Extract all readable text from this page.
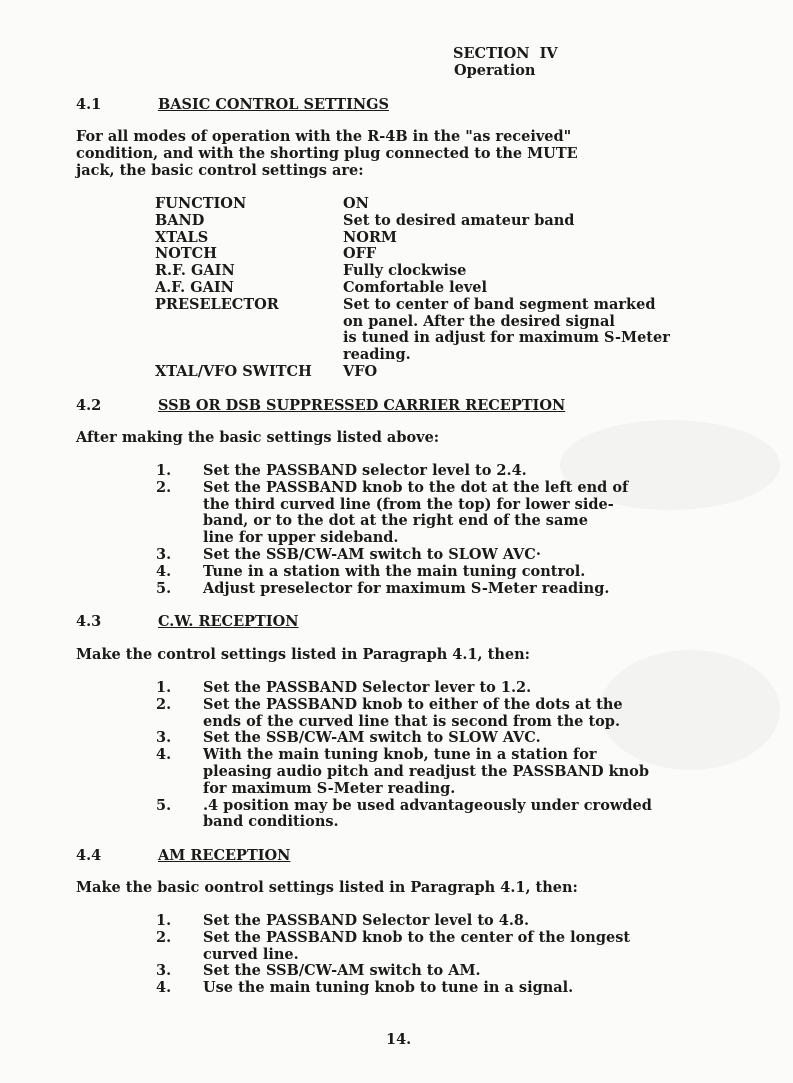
SECTION  IV
Operation
4.1	BASIC CONTROL SETTINGS
For all modes of operation with the R-4B in the "as received"
condition, and with the shorting plug connected to the MUTE
jack, the basic control settings are:
FUNCTION	ON
BAND	Set to desired amateur band
XTALS	NORM
NOTCH	OFF
R.F. GAIN	Fully clockwise
A.F. GAIN	Comfortable level
PRESELECTOR	Set to center of band segment marked
on panel. After the desired signal
is tuned in adjust for maximum S-Meter
reading.
XTAL/VFO SWITCH	VFO
4.2	SSB OR DSB SUPPRESSED CARRIER RECEPTION
After making the basic settings listed above:
1.	Set the PASSBAND selector level to 2.4.
2.	Set the PASSBAND knob to the dot at the left end of
the third curved line (from the top) for lower side-
band, or to the dot at the right end of the same
line for upper sideband.
3.	Set the SSB/CW-AM switch to SLOW AVC·
4.	Tune in a station with the main tuning control.
5.	Adjust preselector for maximum S-Meter reading.
4.3	C.W. RECEPTION
Make the control settings listed in Paragraph 4.1, then:
1.	Set the PASSBAND Selector lever to 1.2.
2.	Set the PASSBAND knob to either of the dots at the
ends of the curved line that is second from the top.
3.	Set the SSB/CW-AM switch to SLOW AVC.
4.	With the main tuning knob, tune in a station for
pleasing audio pitch and readjust the PASSBAND knob
for maximum S-Meter reading.
5.	.4 position may be used advantageously under crowded
band conditions.
4.4	AM RECEPTION
Make the basic oontrol settings listed in Paragraph 4.1, then:
1.	Set the PASSBAND Selector level to 4.8.
2.	Set the PASSBAND knob to the center of the longest
curved line.
3.	Set the SSB/CW-AM switch to AM.
4.	Use the main tuning knob to tune in a signal.
14.
